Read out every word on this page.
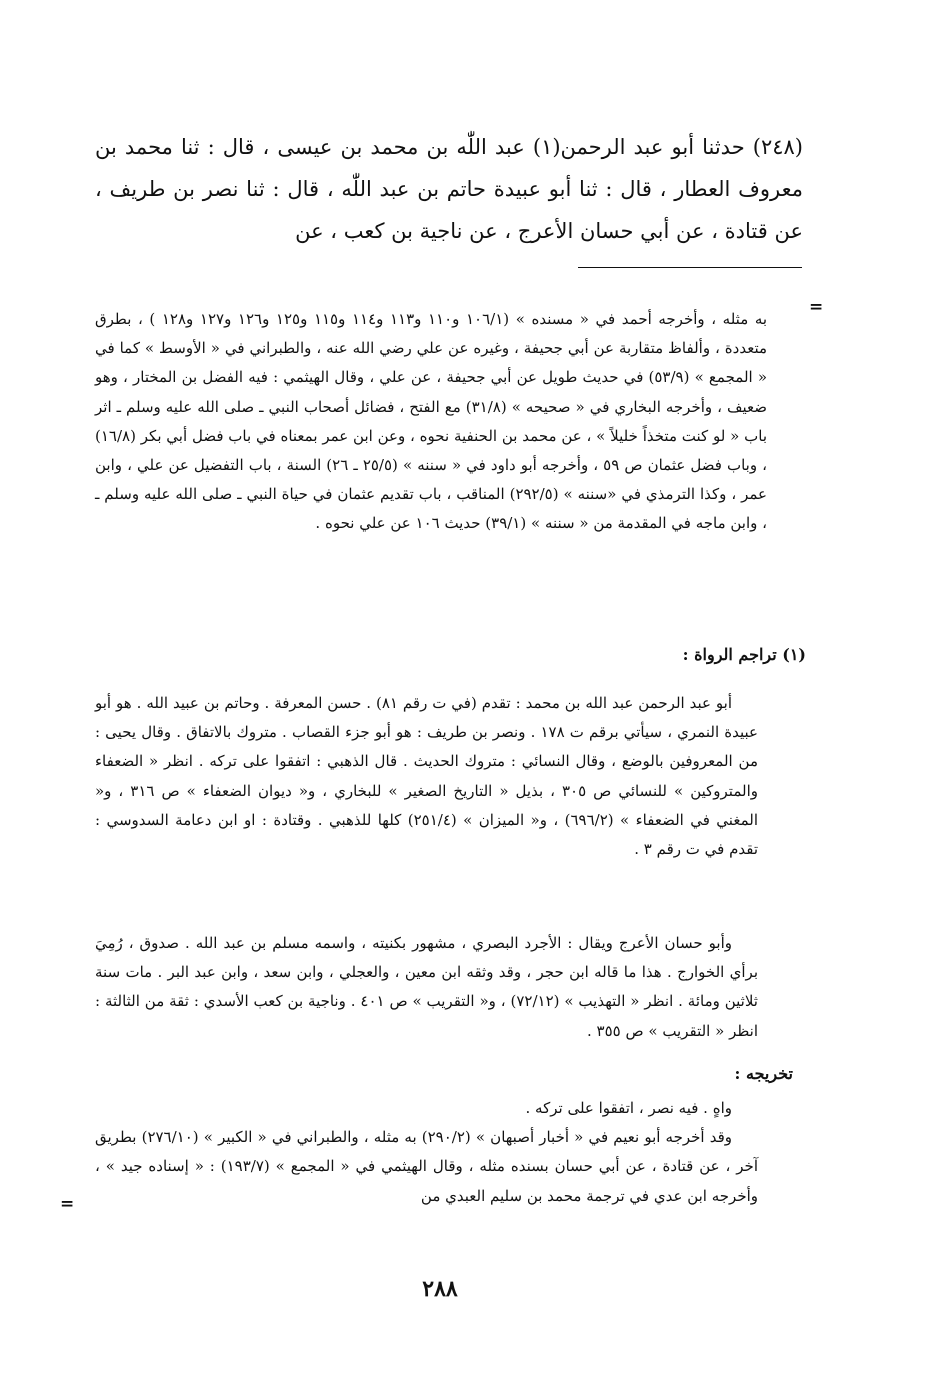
(٢٤٨) حدثنا أبو عبد الرحمن(١) عبد اللّٰه بن محمد بن عيسى ، قال : ثنا محمد بن معروف العطار ، قال : ثنا أبو عبيدة حاتم بن عبد اللّٰه ، قال : ثنا نصر بن طريف ، عن قتادة ، عن أبي حسان الأعرج ، عن ناجية بن كعب ، عن

=

به مثله ، وأخرجه أحمد في « مسنده » (١٠٦/١ و١١٠ و١١٣ و١١٤ و١١٥ و١٢٥ و١٢٦ و١٢٧ و١٢٨ ) ، بطرق متعددة ، وألفاظ متقاربة عن أبي جحيفة ، وغيره عن علي رضي الله عنه ، والطبراني في « الأوسط » كما في « المجمع » (٥٣/٩) في حديث طويل عن أبي جحيفة ، عن علي ، وقال الهيثمي : فيه الفضل بن المختار ، وهو ضعيف ، وأخرجه البخاري في « صحيحه » (٣١/٨) مع الفتح ، فضائل أصحاب النبي ـ صلى الله عليه وسلم ـ اثر باب « لو كنت متخذاً خليلاً » ، عن محمد بن الحنفية نحوه ، وعن ابن عمر بمعناه في باب فضل أبي بكر (١٦/٨) ، وباب فضل عثمان ص ٥٩ ، وأخرجه أبو داود في « سننه » (٢٥/٥ ـ ٢٦) السنة ، باب التفضيل عن علي ، وابن عمر ، وكذا الترمذي في «سننه » (٢٩٢/٥) المناقب ، باب تقديم عثمان في حياة النبي ـ صلى الله عليه وسلم ـ ، وابن ماجه في المقدمة من « سننه » (٣٩/١) حديث ١٠٦ عن علي نحوه .

(١) تراجم الرواة :

أبو عبد الرحمن عبد الله بن محمد : تقدم (في ت رقم ٨١) . حسن المعرفة . وحاتم بن عبيد الله . هو أبو عبيدة النمري ، سيأتي برقم ت ١٧٨ . ونصر بن طريف : هو أبو جزء القصاب . متروك بالاتفاق . وقال يحيى : من المعروفين بالوضع ، وقال النسائي : متروك الحديث . قال الذهبي : اتفقوا على تركه . انظر « الضعفاء والمتروكين » للنسائي ص ٣٠٥ ، بذيل « التاريخ الصغير » للبخاري ، و« ديوان الضعفاء » ص ٣١٦ ، و« المغني في الضعفاء » (٦٩٦/٢) ، و« الميزان » (٢٥١/٤) كلها للذهبي . وقتادة : او ابن دعامة السدوسي : تقدم في ت رقم ٣ .

وأبو حسان الأعرج ويقال : الأجرد البصري ، مشهور بكنيته ، واسمه مسلم بن عبد الله . صدوق ، رُمِيَ برأي الخوارج . هذا ما قاله ابن حجر ، وقد وثقه ابن معين ، والعجلي ، وابن سعد ، وابن عبد البر . مات سنة ثلاثين ومائة . انظر « التهذيب » (٧٢/١٢) ، و« التقريب » ص ٤٠١ . وناجية بن كعب الأسدي : ثقة من الثالثة : انظر « التقريب » ص ٣٥٥ .

تخريجه :
واهٍ . فيه نصر ، اتفقوا على تركه .
وقد أخرجه أبو نعيم في « أخبار أصبهان » (٢٩٠/٢) به مثله ، والطبراني في « الكبير » (٢٧٦/١٠) بطريق آخر ، عن قتادة ، عن أبي حسان بسنده مثله ، وقال الهيثمي في « المجمع » (١٩٣/٧) : « إسناده جيد » ، وأخرجه ابن عدي في ترجمة محمد بن سليم العبدي من
=
٢٨٨
